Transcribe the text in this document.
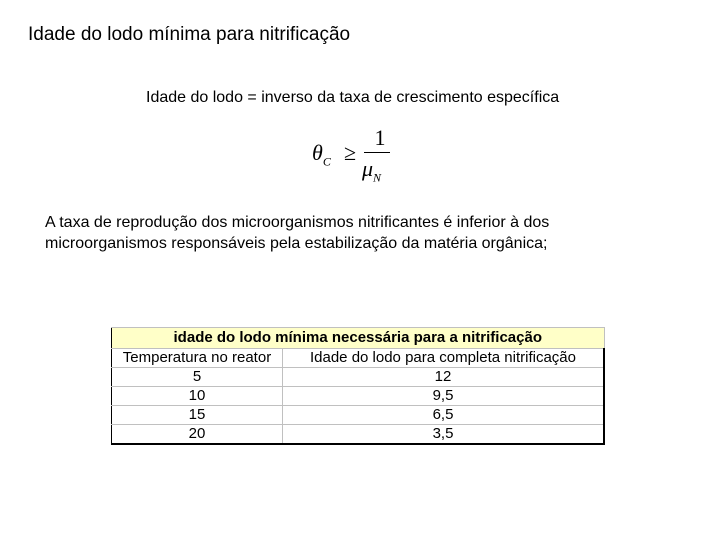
Idade do lodo mínima para nitrificação
Idade do lodo = inverso da taxa de crescimento específica
$\theta_C$ ≥
1
$\mu_N$
A taxa de reprodução dos microorganismos nitrificantes é inferior à dos
microorganismos responsáveis pela estabilização da matéria orgânica;
idade do lodo mínima necessária para a nitrificação	
Temperatura no reator	Idade do lodo para completa nitrificação
5	12
10	9,5
15	6,5
20	3,5
